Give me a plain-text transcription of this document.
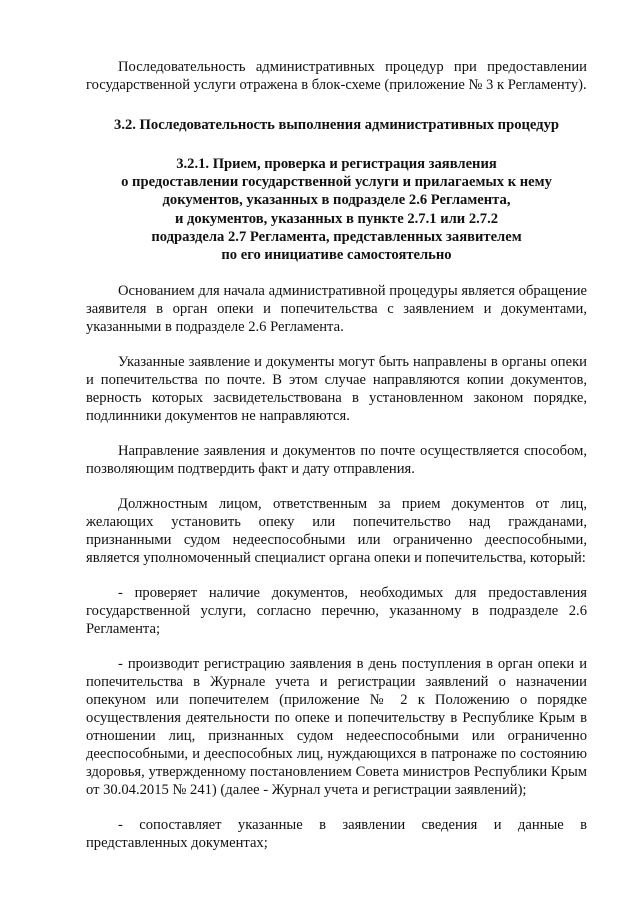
Последовательность административных процедур при предоставлении государственной услуги отражена в блок-схеме (приложение № 3 к Регламенту).

3.2. Последовательность выполнения административных процедур

3.2.1. Прием, проверка и регистрация заявления
о предоставлении государственной услуги и прилагаемых к нему
документов, указанных в подразделе 2.6 Регламента,
и документов, указанных в пункте 2.7.1 или 2.7.2
подраздела 2.7 Регламента, представленных заявителем
по его инициативе самостоятельно

Основанием для начала административной процедуры является обращение заявителя в орган опеки и попечительства с заявлением и документами, указанными в подразделе 2.6 Регламента.

Указанные заявление и документы могут быть направлены в органы опеки и попечительства по почте. В этом случае направляются копии документов, верность которых засвидетельствована в установленном законом порядке, подлинники документов не направляются.

Направление заявления и документов по почте осуществляется способом, позволяющим подтвердить факт и дату отправления.

Должностным лицом, ответственным за прием документов от лиц, желающих установить опеку или попечительство над гражданами, признанными судом недееспособными или ограниченно дееспособными, является уполномоченный специалист органа опеки и попечительства, который:

- проверяет наличие документов, необходимых для предоставления государственной услуги, согласно перечню, указанному в подразделе 2.6 Регламента;

- производит регистрацию заявления в день поступления в орган опеки и попечительства в Журнале учета и регистрации заявлений о назначении опекуном или попечителем (приложение № 2 к Положению о порядке осуществления деятельности по опеке и попечительству в Республике Крым в отношении лиц, признанных судом недееспособными или ограниченно дееспособными, и дееспособных лиц, нуждающихся в патронаже по состоянию здоровья, утвержденному постановлением Совета министров Республики Крым от 30.04.2015 № 241) (далее - Журнал учета и регистрации заявлений);

- сопоставляет указанные в заявлении сведения и данные в представленных документах;
